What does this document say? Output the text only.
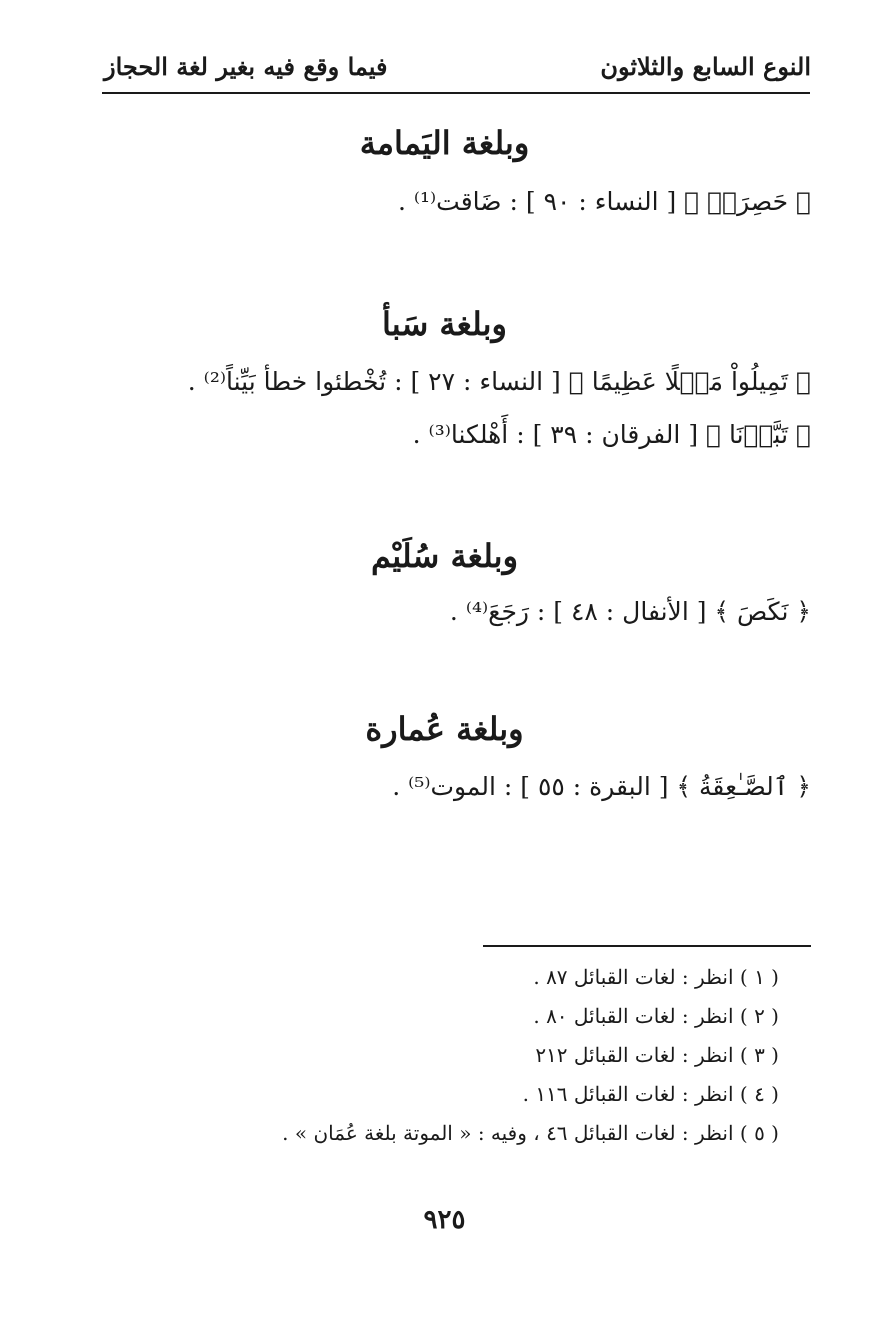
النوع السابع والثلاثون
فيما وقع فيه بغير لغة الحجاز
وبلغة اليَمامة
﴿ حَصِرَتۡ ﴾ [ النساء : ٩٠ ] : ضَاقت⁽¹⁾ .
وبلغة سَبأ
﴿ تَمِيلُواْ مَيۡلًا عَظِيمًا ﴾ [ النساء : ٢٧ ] : تُخْطئوا خطأ بَيِّناً⁽²⁾ .
﴿ تَبَّرۡنَا ﴾ [ الفرقان : ٣٩ ] : أَهْلكنا⁽³⁾ .
وبلغة سُلَيْم
﴿ نَكَصَ ﴾ [ الأنفال : ٤٨ ] : رَجَعَ⁽⁴⁾ .
وبلغة عُمارة
﴿ ٱلصَّـٰعِقَةُ ﴾ [ البقرة : ٥٥ ] : الموت⁽⁵⁾ .
( ١ ) انظر : لغات القبائل ٨٧ .
( ٢ ) انظر : لغات القبائل ٨٠ .
( ٣ ) انظر : لغات القبائل ٢١٢
( ٤ ) انظر : لغات القبائل ١١٦ .
( ٥ ) انظر : لغات القبائل ٤٦ ، وفيه : « الموتة بلغة عُمَان » .
٩٢٥
